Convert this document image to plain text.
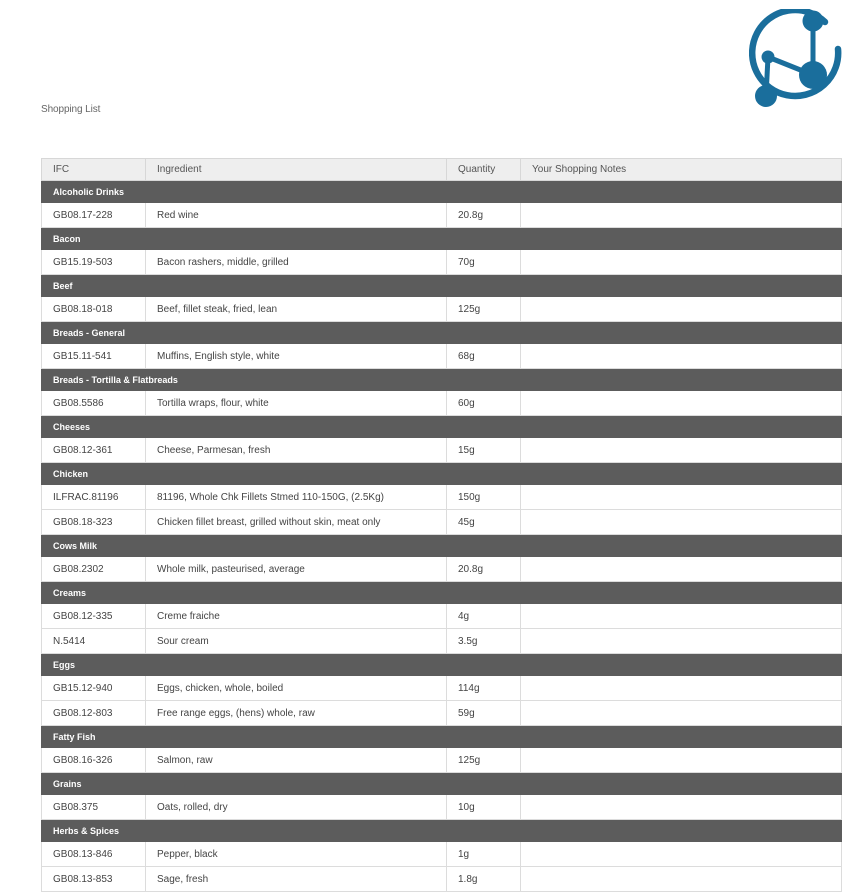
Shopping List
IFC	Ingredient	Quantity	Your Shopping Notes
Alcoholic Drinks			
GB08.17-228	Red wine	20.8g	
Bacon			
GB15.19-503	Bacon rashers, middle, grilled	70g	
Beef			
GB08.18-018	Beef, fillet steak, fried, lean	125g	
Breads - General			
GB15.11-541	Muffins, English style, white	68g	
Breads - Tortilla & Flatbreads			
GB08.5586	Tortilla wraps, flour, white	60g	
Cheeses			
GB08.12-361	Cheese, Parmesan, fresh	15g	
Chicken			
ILFRAC.81196	81196, Whole Chk Fillets Stmed 110-150G, (2.5Kg)	150g	
GB08.18-323	Chicken fillet breast, grilled without skin, meat only	45g	
Cows Milk			
GB08.2302	Whole milk, pasteurised, average	20.8g	
Creams			
GB08.12-335	Creme fraiche	4g	
N.5414	Sour cream	3.5g	
Eggs			
GB15.12-940	Eggs, chicken, whole, boiled	114g	
GB08.12-803	Free range eggs, (hens) whole, raw	59g	
Fatty Fish			
GB08.16-326	Salmon, raw	125g	
Grains			
GB08.375	Oats, rolled, dry	10g	
Herbs & Spices			
GB08.13-846	Pepper, black	1g	
GB08.13-853	Sage, fresh	1.8g	
